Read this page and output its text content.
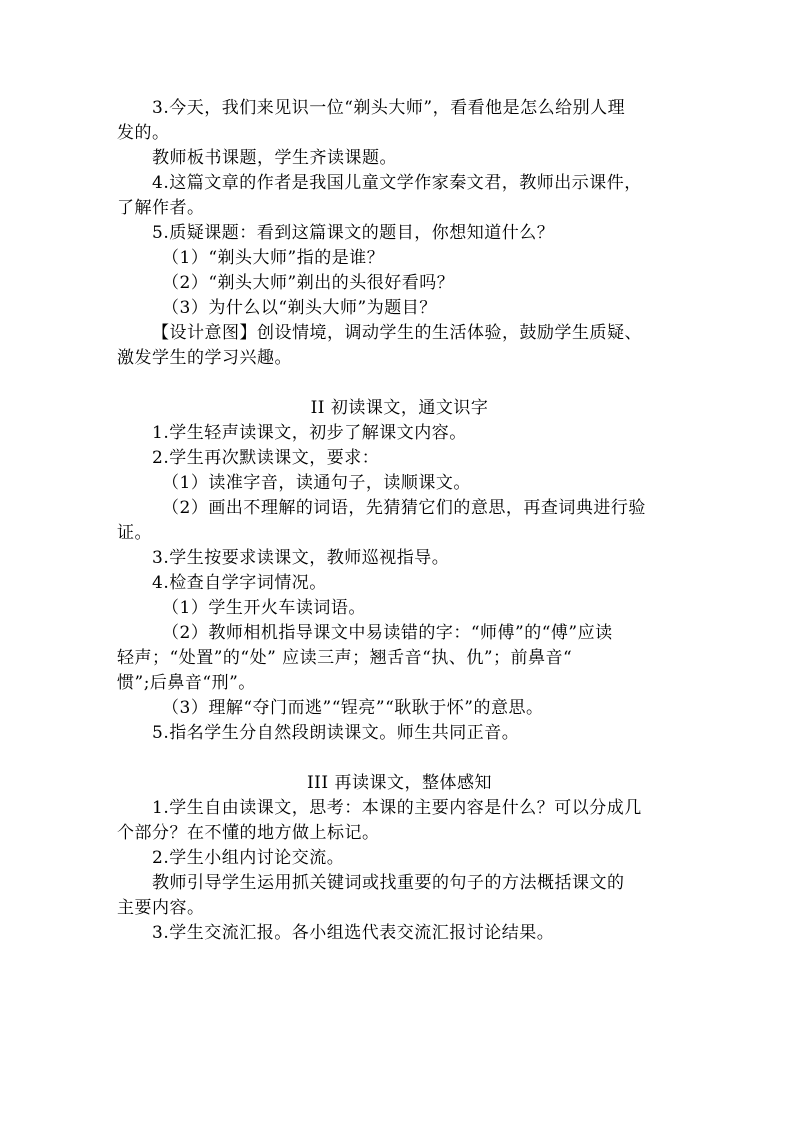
3.今天，我们来见识一位“剃头大师”，看看他是怎么给别人理
发的。
教师板书课题，学生齐读课题。
4.这篇文章的作者是我国儿童文学作家秦文君，教师出示课件，
了解作者。
5.质疑课题：看到这篇课文的题目，你想知道什么？
（1）“剃头大师”指的是谁？
（2）“剃头大师”剃出的头很好看吗？
（3）为什么以“剃头大师”为题目？
【设计意图】创设情境，调动学生的生活体验，鼓励学生质疑、
激发学生的学习兴趣。
II 初读课文，通文识字
1.学生轻声读课文，初步了解课文内容。
2.学生再次默读课文，要求：
（1）读准字音，读通句子，读顺课文。
（2）画出不理解的词语，先猜猜它们的意思，再查词典进行验
证。
3.学生按要求读课文，教师巡视指导。
4.检查自学字词情况。
（1）学生开火车读词语。
（2）教师相机指导课文中易读错的字：“师傅”的“傅”应读
轻声；“处置”的“处” 应读三声；翘舌音“执、仇”；前鼻音“
惯”;后鼻音“刑”。
（3）理解“夺门而逃”“锃亮”“耿耿于怀”的意思。
5.指名学生分自然段朗读课文。师生共同正音。
III 再读课文，整体感知
1.学生自由读课文，思考：本课的主要内容是什么？可以分成几
个部分？在不懂的地方做上标记。
2.学生小组内讨论交流。
教师引导学生运用抓关键词或找重要的句子的方法概括课文的
主要内容。
3.学生交流汇报。各小组选代表交流汇报讨论结果。
